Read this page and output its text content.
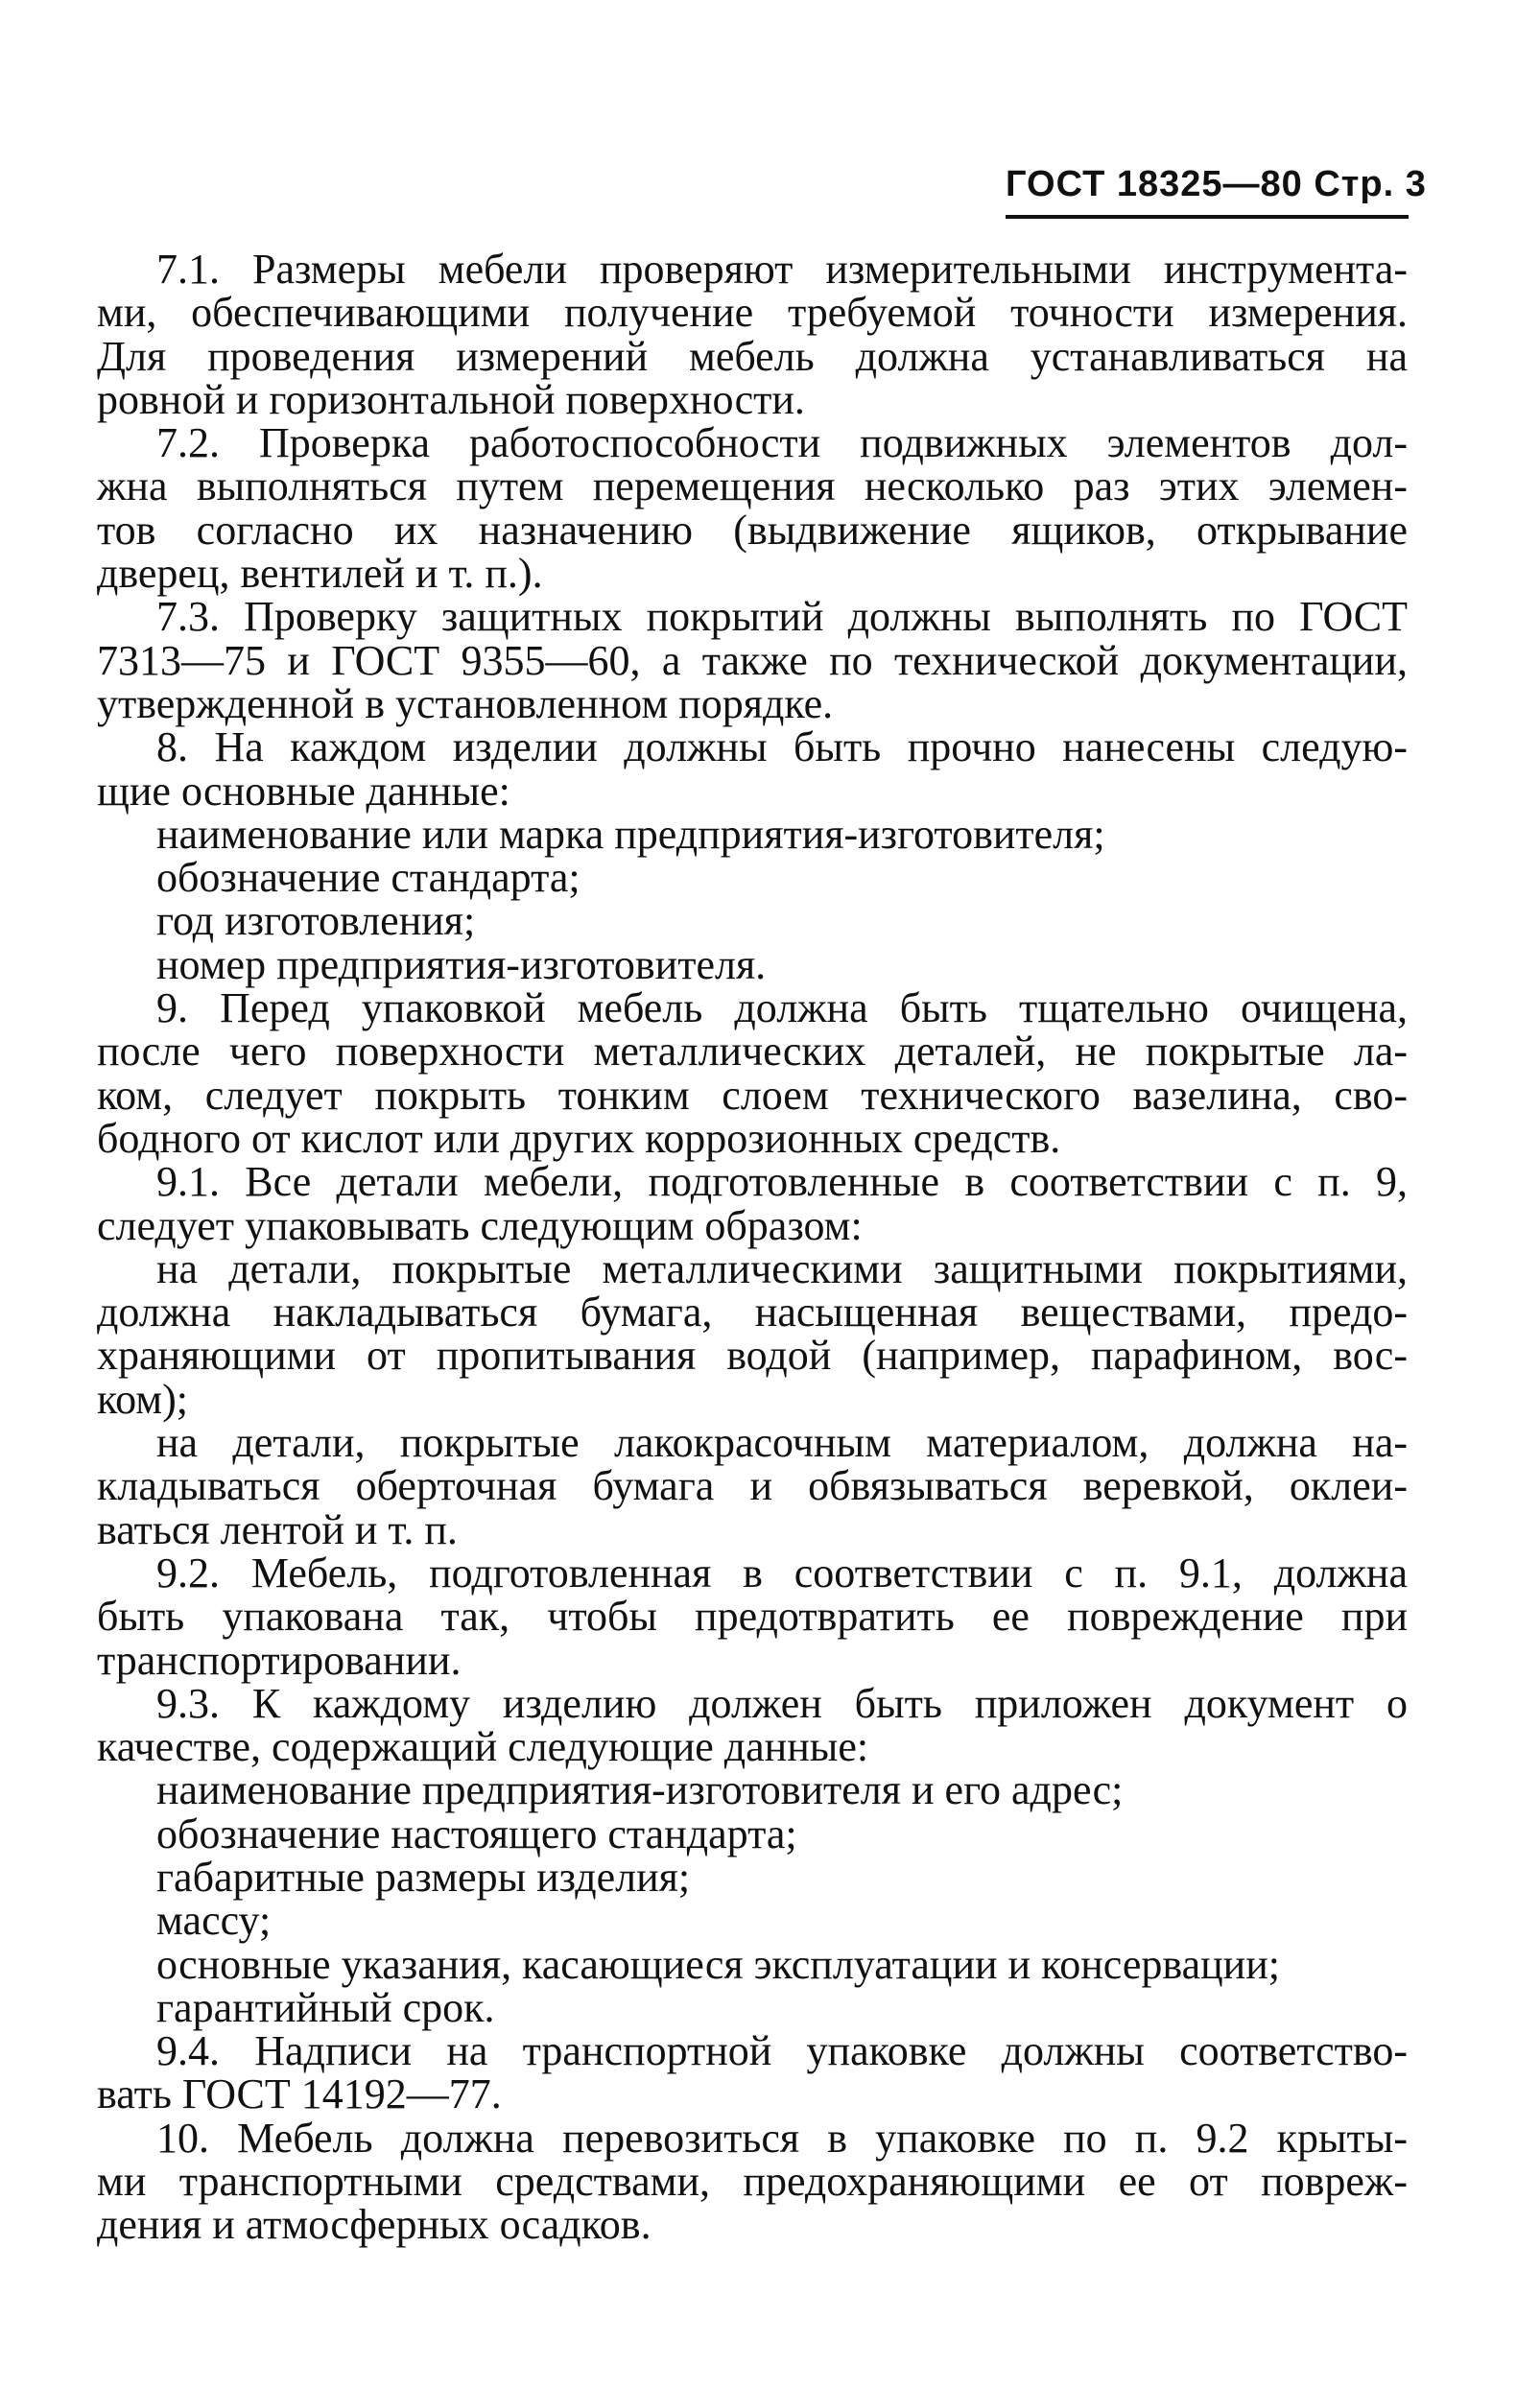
ГОСТ 18325—80 Стр. 3

7.1. Размеры мебели проверяют измерительными инструмента-

ми, обеспечивающими получение требуемой точности измерения.

Для проведения измерений мебель должна устанавливаться на

ровной и горизонтальной поверхности.

7.2. Проверка работоспособности подвижных элементов дол-

жна выполняться путем перемещения несколько раз этих элемен-

тов согласно их назначению (выдвижение ящиков, открывание

дверец, вентилей и т. п.).

7.3. Проверку защитных покрытий должны выполнять по ГОСТ

7313—75 и ГОСТ 9355—60, а также по технической документации,

утвержденной в установленном порядке.

8. На каждом изделии должны быть прочно нанесены следую-

щие основные данные:

наименование или марка предприятия-изготовителя;

обозначение стандарта;

год изготовления;

номер предприятия-изготовителя.

9. Перед упаковкой мебель должна быть тщательно очищена,

после чего поверхности металлических деталей, не покрытые ла-

ком, следует покрыть тонким слоем технического вазелина, сво-

бодного от кислот или других коррозионных средств.

9.1. Все детали мебели, подготовленные в соответствии с п. 9,

следует упаковывать следующим образом:

на детали, покрытые металлическими защитными покрытиями,

должна накладываться бумага, насыщенная веществами, предо-

храняющими от пропитывания водой (например, парафином, вос-

ком);

на детали, покрытые лакокрасочным материалом, должна на-

кладываться оберточная бумага и обвязываться веревкой, оклеи-

ваться лентой и т. п.

9.2. Мебель, подготовленная в соответствии с п. 9.1, должна

быть упакована так, чтобы предотвратить ее повреждение при

транспортировании.

9.3. К каждому изделию должен быть приложен документ о

качестве, содержащий следующие данные:

наименование предприятия-изготовителя и его адрес;

обозначение настоящего стандарта;

габаритные размеры изделия;

массу;

основные указания, касающиеся эксплуатации и консервации;

гарантийный срок.

9.4. Надписи на транспортной упаковке должны соответство-

вать ГОСТ 14192—77.

10. Мебель должна перевозиться в упаковке по п. 9.2 крыты-

ми транспортными средствами, предохраняющими ее от повреж-

дения и атмосферных осадков.
